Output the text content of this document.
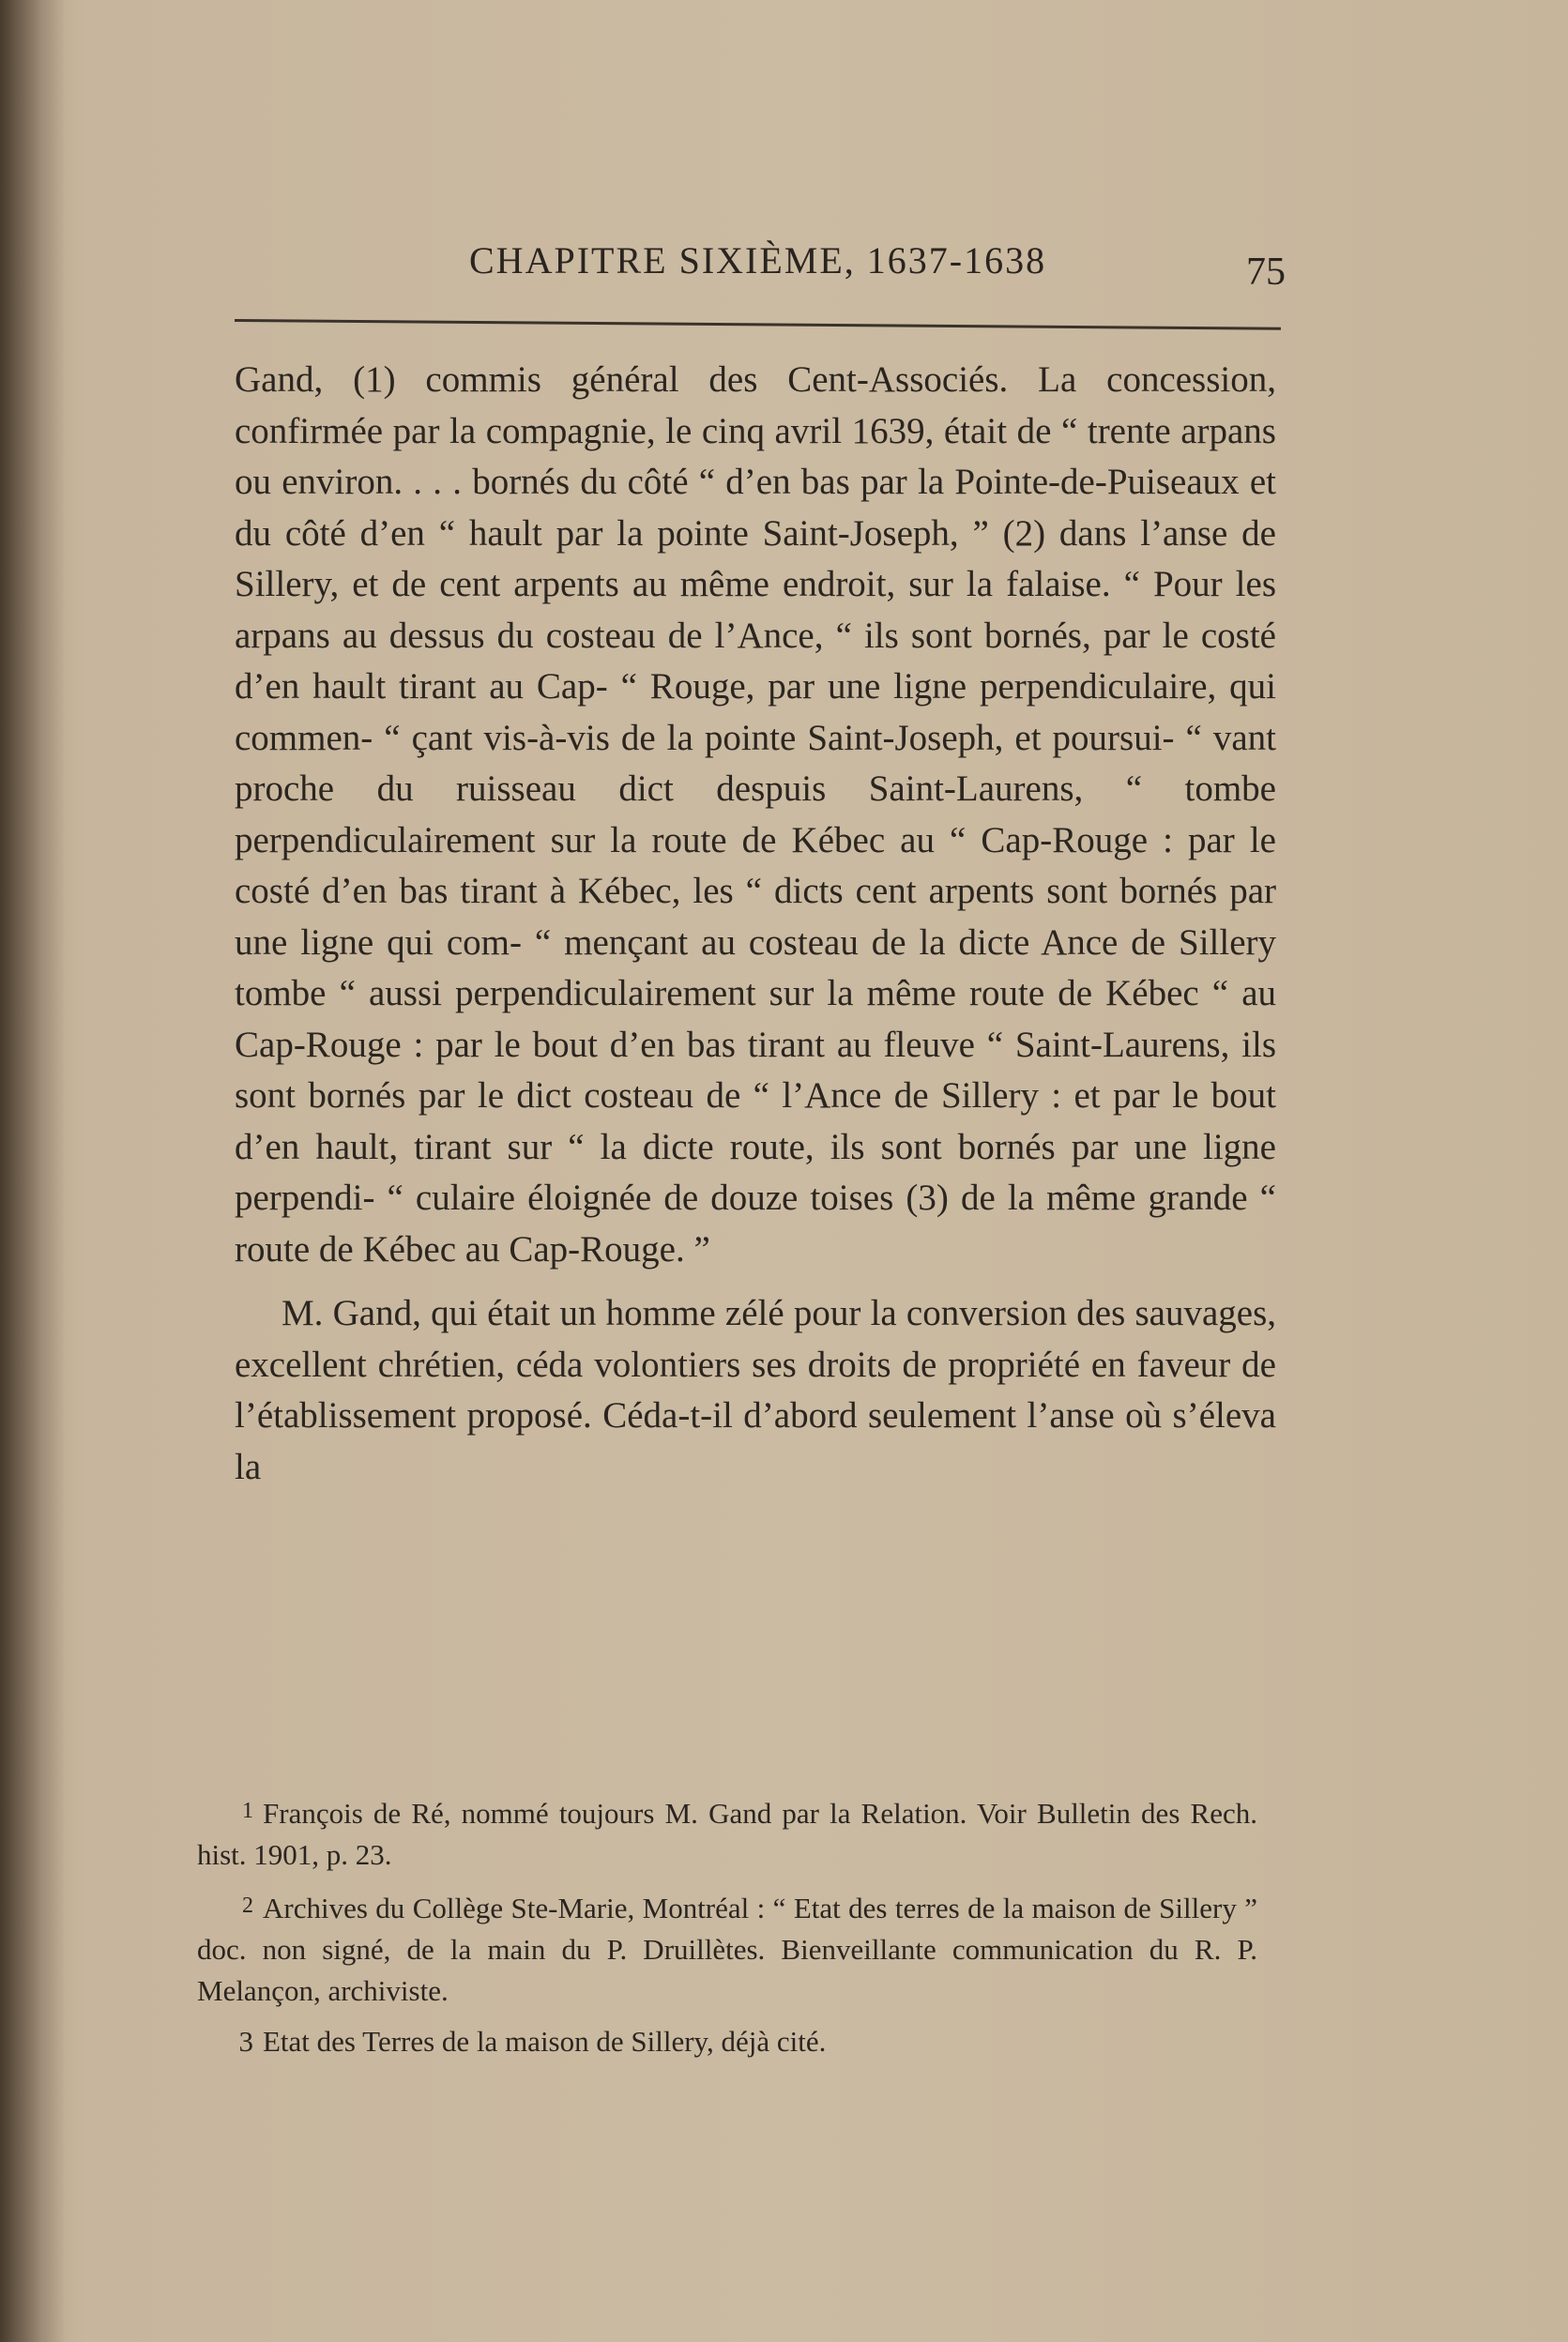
CHAPITRE SIXIÈME, 1637-1638	75

Gand, (1) commis général des Cent-Associés. La concession, confirmée par la compagnie, le cinq avril 1639, était de “ trente arpans ou environ. . . . bornés du côté “ d’en bas par la Pointe-de-Puiseaux et du côté d’en “ hault par la pointe Saint-Joseph, ” (2) dans l’anse de Sillery, et de cent arpents au même endroit, sur la falaise. “ Pour les arpans au dessus du costeau de l’Ance, “ ils sont bornés, par le costé d’en hault tirant au Cap- “ Rouge, par une ligne perpendiculaire, qui commen- “ çant vis-à-vis de la pointe Saint-Joseph, et poursui- “ vant proche du ruisseau dict despuis Saint-Laurens, “ tombe perpendiculairement sur la route de Kébec au “ Cap-Rouge : par le costé d’en bas tirant à Kébec, les “ dicts cent arpents sont bornés par une ligne qui com- “ mençant au costeau de la dicte Ance de Sillery tombe “ aussi perpendiculairement sur la même route de Kébec “ au Cap-Rouge : par le bout d’en bas tirant au fleuve “ Saint-Laurens, ils sont bornés par le dict costeau de “ l’Ance de Sillery : et par le bout d’en hault, tirant sur “ la dicte route, ils sont bornés par une ligne perpendi- “ culaire éloignée de douze toises (3) de la même grande “ route de Kébec au Cap-Rouge. ”

M. Gand, qui était un homme zélé pour la conversion des sauvages, excellent chrétien, céda volontiers ses droits de propriété en faveur de l’établissement proposé. Céda-t-il d’abord seulement l’anse où s’éleva la

1 François de Ré, nommé toujours M. Gand par la Relation. Voir Bulletin des Rech. hist. 1901, p. 23.

2 Archives du Collège Ste-Marie, Montréal : “ Etat des terres de la maison de Sillery ” doc. non signé, de la main du P. Druillètes. Bienveillante communication du R. P. Melançon, archiviste.

3 Etat des Terres de la maison de Sillery, déjà cité.
